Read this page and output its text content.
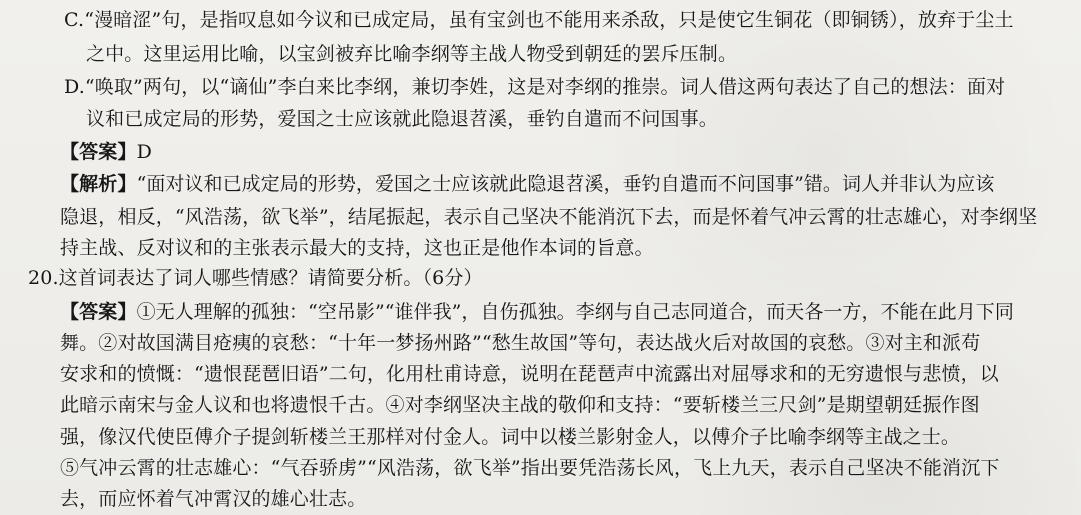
C.“漫暗涩”句，是指叹息如今议和已成定局，虽有宝剑也不能用来杀敌，只是使它生铜花（即铜锈），放弃于尘土
之中。这里运用比喻，以宝剑被弃比喻李纲等主战人物受到朝廷的罢斥压制。
D.“唤取”两句，以“谪仙”李白来比李纲，兼切李姓，这是对李纲的推崇。词人借这两句表达了自己的想法：面对
议和已成定局的形势，爱国之士应该就此隐退苕溪，垂钓自遣而不问国事。
【答案】D
【解析】“面对议和已成定局的形势，爱国之士应该就此隐退苕溪，垂钓自遣而不问国事”错。词人并非认为应该
隐退，相反，“风浩荡，欲飞举”，结尾振起，表示自己坚决不能消沉下去，而是怀着气冲云霄的壮志雄心，对李纲坚
持主战、反对议和的主张表示最大的支持，这也正是他作本词的旨意。
20.这首词表达了词人哪些情感？请简要分析。（6分）
【答案】①无人理解的孤独：“空吊影”“谁伴我”，自伤孤独。李纲与自己志同道合，而天各一方，不能在此月下同
舞。②对故国满目疮痍的哀愁：“十年一梦扬州路”“愁生故国”等句，表达战火后对故国的哀愁。③对主和派苟
安求和的愤慨：“遗恨琵琶旧语”二句，化用杜甫诗意，说明在琵琶声中流露出对屈辱求和的无穷遗恨与悲愤，以
此暗示南宋与金人议和也将遗恨千古。④对李纲坚决主战的敬仰和支持：“要斩楼兰三尺剑”是期望朝廷振作图
强，像汉代使臣傅介子提剑斩楼兰王那样对付金人。词中以楼兰影射金人，以傅介子比喻李纲等主战之士。
⑤气冲云霄的壮志雄心：“气吞骄虏”“风浩荡，欲飞举”指出要凭浩荡长风，飞上九天，表示自己坚决不能消沉下
去，而应怀着气冲霄汉的雄心壮志。
